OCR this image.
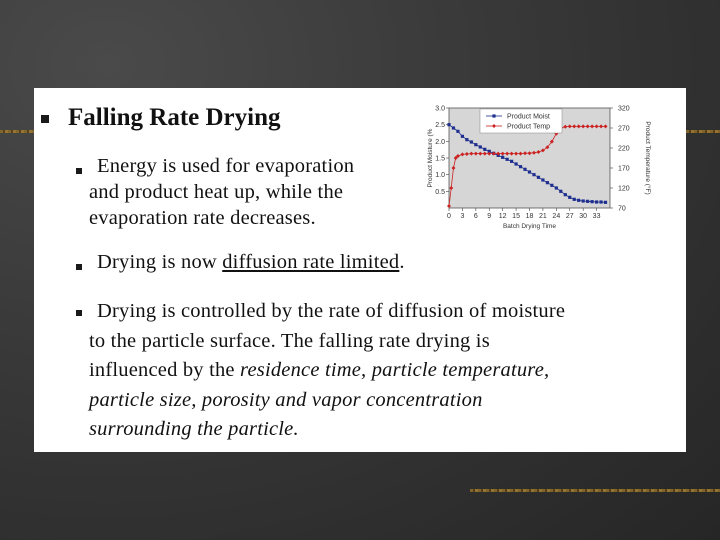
Falling Rate Drying
Energy is used for evaporation
and product heat up, while the
evaporation rate decreases.
Drying is now diffusion rate limited.
Drying is controlled by the rate of diffusion of moisture
to the particle surface. The falling rate drying is
influenced by the residence time, particle temperature,
particle size, porosity and vapor concentration
surrounding the particle.
3.0
2.5
2.0
1.5
1.0
0.5
70
120
170
220
270
320
0 3 6 9 12 15 18 21 24 27 30 33
Batch Drying Time
Product Moisture (%	Product Temperature (°F)
Product Moist
Product Temp
